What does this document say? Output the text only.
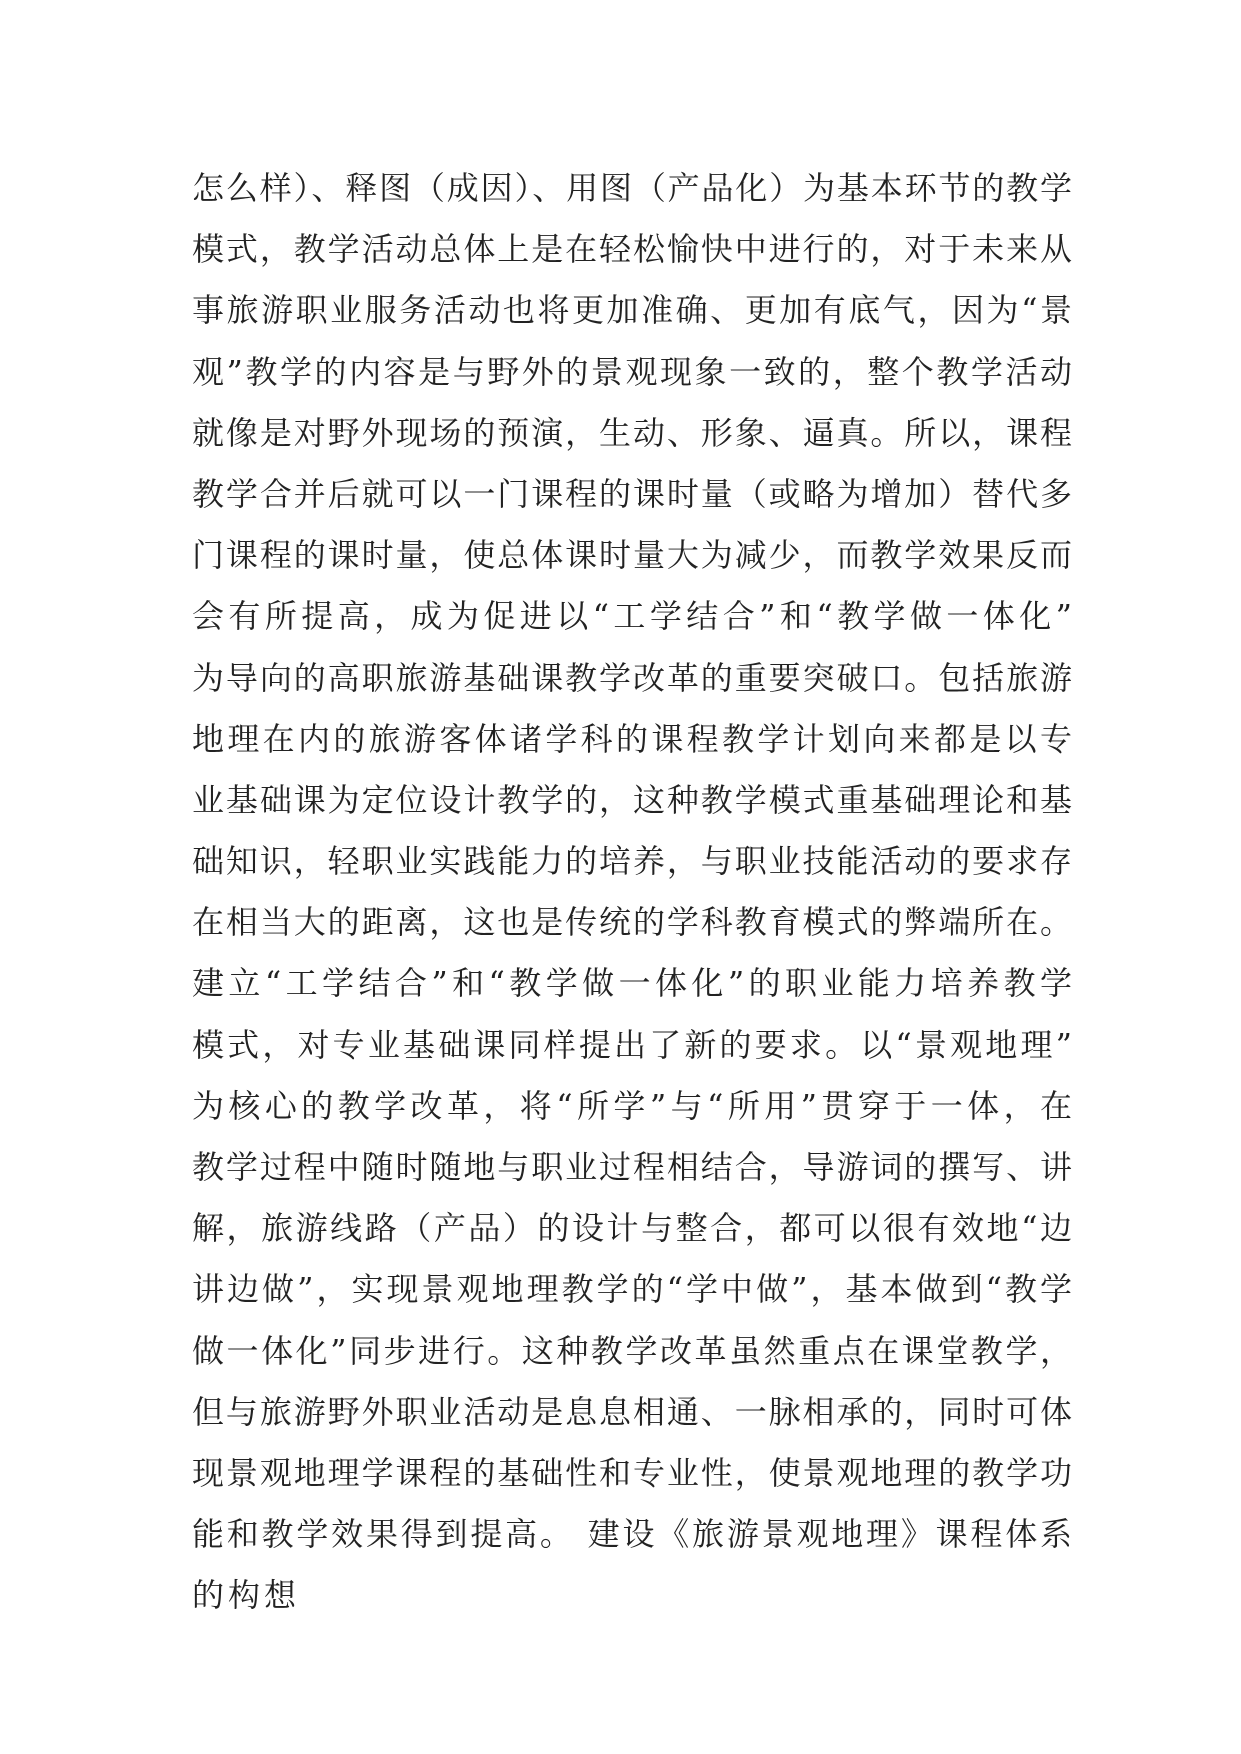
怎么样）、释图（成因）、用图（产品化）为基本环节的教学
模式，教学活动总体上是在轻松愉快中进行的，对于未来从
事旅游职业服务活动也将更加准确、更加有底气，因为“景
观”教学的内容是与野外的景观现象一致的，整个教学活动
就像是对野外现场的预演，生动、形象、逼真。所以，课程
教学合并后就可以一门课程的课时量（或略为增加）替代多
门课程的课时量，使总体课时量大为减少，而教学效果反而
会有所提高，成为促进以“工学结合”和“教学做一体化”
为导向的高职旅游基础课教学改革的重要突破口。包括旅游
地理在内的旅游客体诸学科的课程教学计划向来都是以专
业基础课为定位设计教学的，这种教学模式重基础理论和基
础知识，轻职业实践能力的培养，与职业技能活动的要求存
在相当大的距离，这也是传统的学科教育模式的弊端所在。
建立“工学结合”和“教学做一体化”的职业能力培养教学
模式，对专业基础课同样提出了新的要求。以“景观地理”
为核心的教学改革，将“所学”与“所用”贯穿于一体，在
教学过程中随时随地与职业过程相结合，导游词的撰写、讲
解，旅游线路（产品）的设计与整合，都可以很有效地“边
讲边做”，实现景观地理教学的“学中做”，基本做到“教学
做一体化”同步进行。这种教学改革虽然重点在课堂教学，
但与旅游野外职业活动是息息相通、一脉相承的，同时可体
现景观地理学课程的基础性和专业性，使景观地理的教学功
能和教学效果得到提高。 建设《旅游景观地理》课程体系
的构想
